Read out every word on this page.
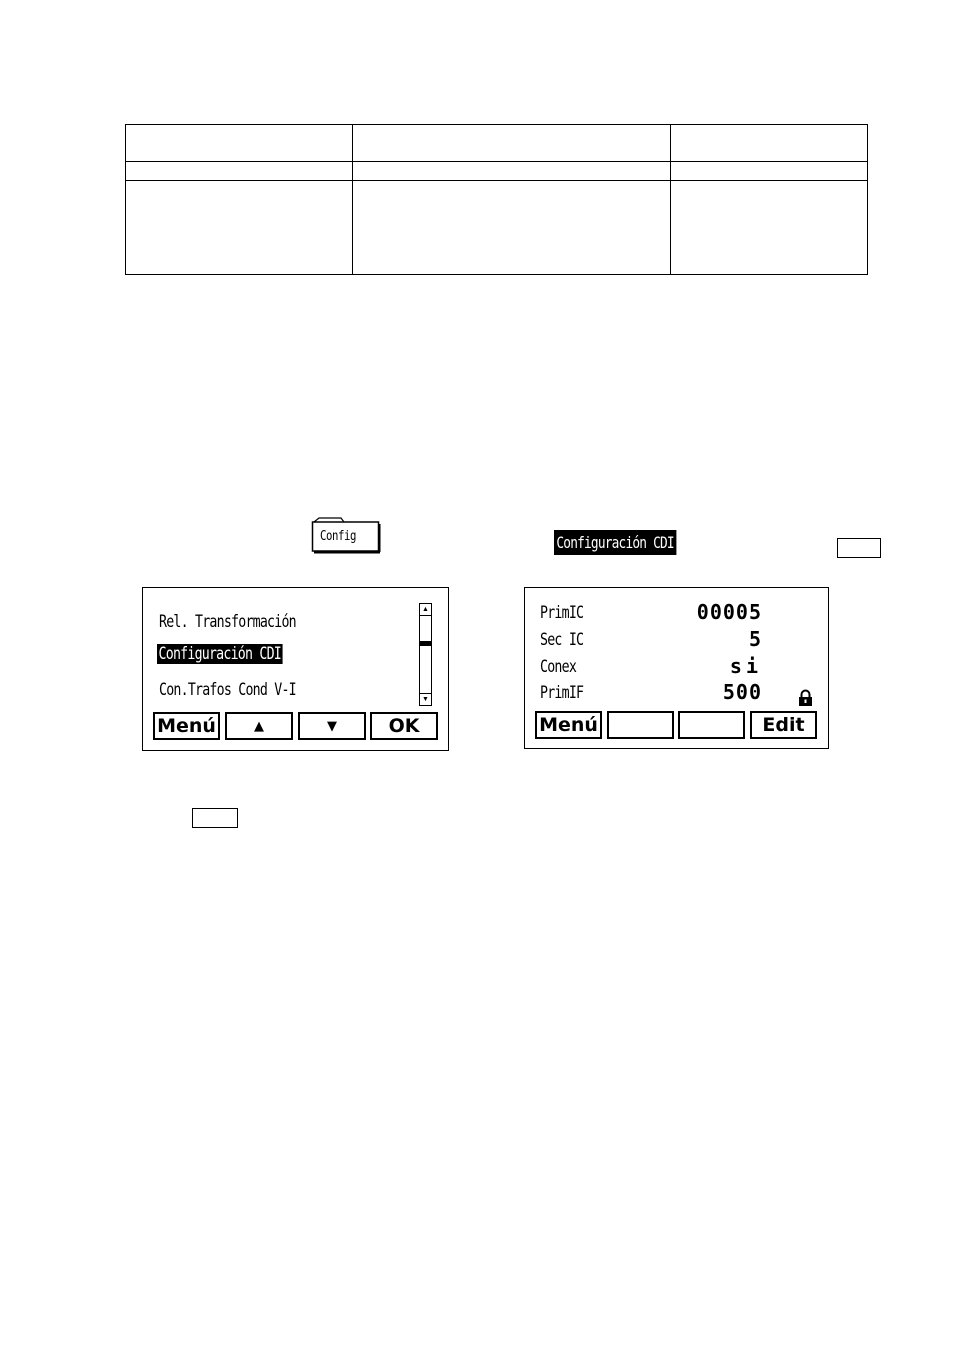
Config	Configuración CDI
Rel. Transformación
Configuración CDI
Con.Trafos Cond V-I
▲
▼
Menú	▲	▼	OK
PrimIC	00005
Sec IC	5
Conex	si
PrimIF	500
Menú	Edit
